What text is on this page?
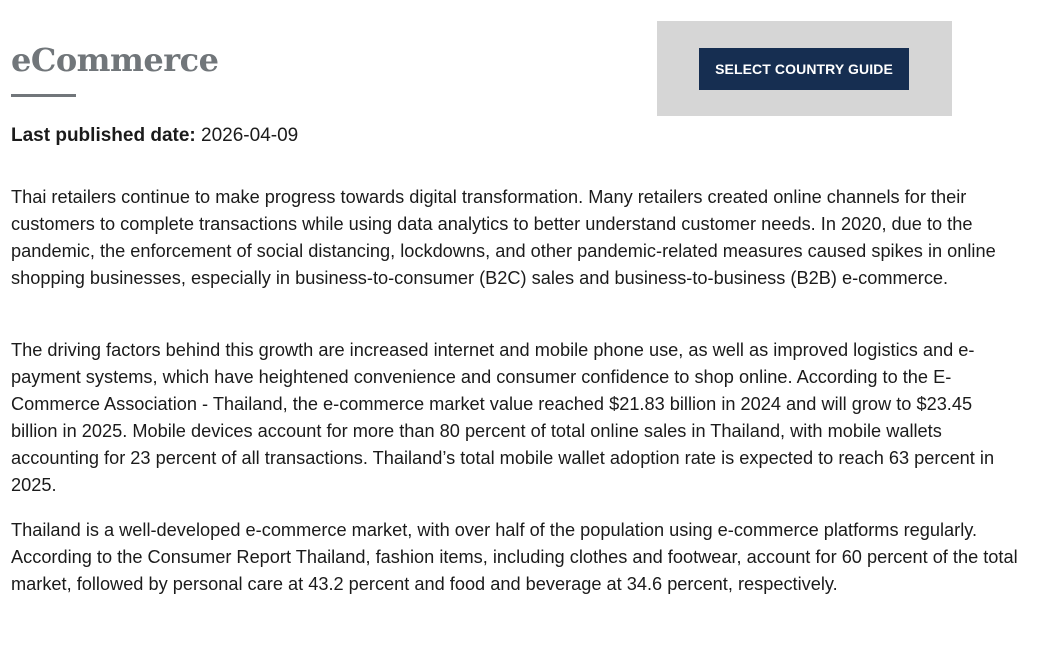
eCommerce	SELECT COUNTRY GUIDE
Last published date: 2026-04-09

Thai retailers continue to make progress towards digital transformation. Many retailers created online channels for their customers to complete transactions while using data analytics to better understand customer needs. In 2020, due to the pandemic, the enforcement of social distancing, lockdowns, and other pandemic-related measures caused spikes in online shopping businesses, especially in business-to-consumer (B2C) sales and business-to-business (B2B) e-commerce.

The driving factors behind this growth are increased internet and mobile phone use, as well as improved logistics and e-payment systems, which have heightened convenience and consumer confidence to shop online. According to the E-Commerce Association - Thailand, the e-commerce market value reached $21.83 billion in 2024 and will grow to $23.45 billion in 2025. Mobile devices account for more than 80 percent of total online sales in Thailand, with mobile wallets accounting for 23 percent of all transactions. Thailand’s total mobile wallet adoption rate is expected to reach 63 percent in 2025.

Thailand is a well-developed e-commerce market, with over half of the population using e-commerce platforms regularly. According to the Consumer Report Thailand, fashion items, including clothes and footwear, account for 60 percent of the total market, followed by personal care at 43.2 percent and food and beverage at 34.6 percent, respectively.
